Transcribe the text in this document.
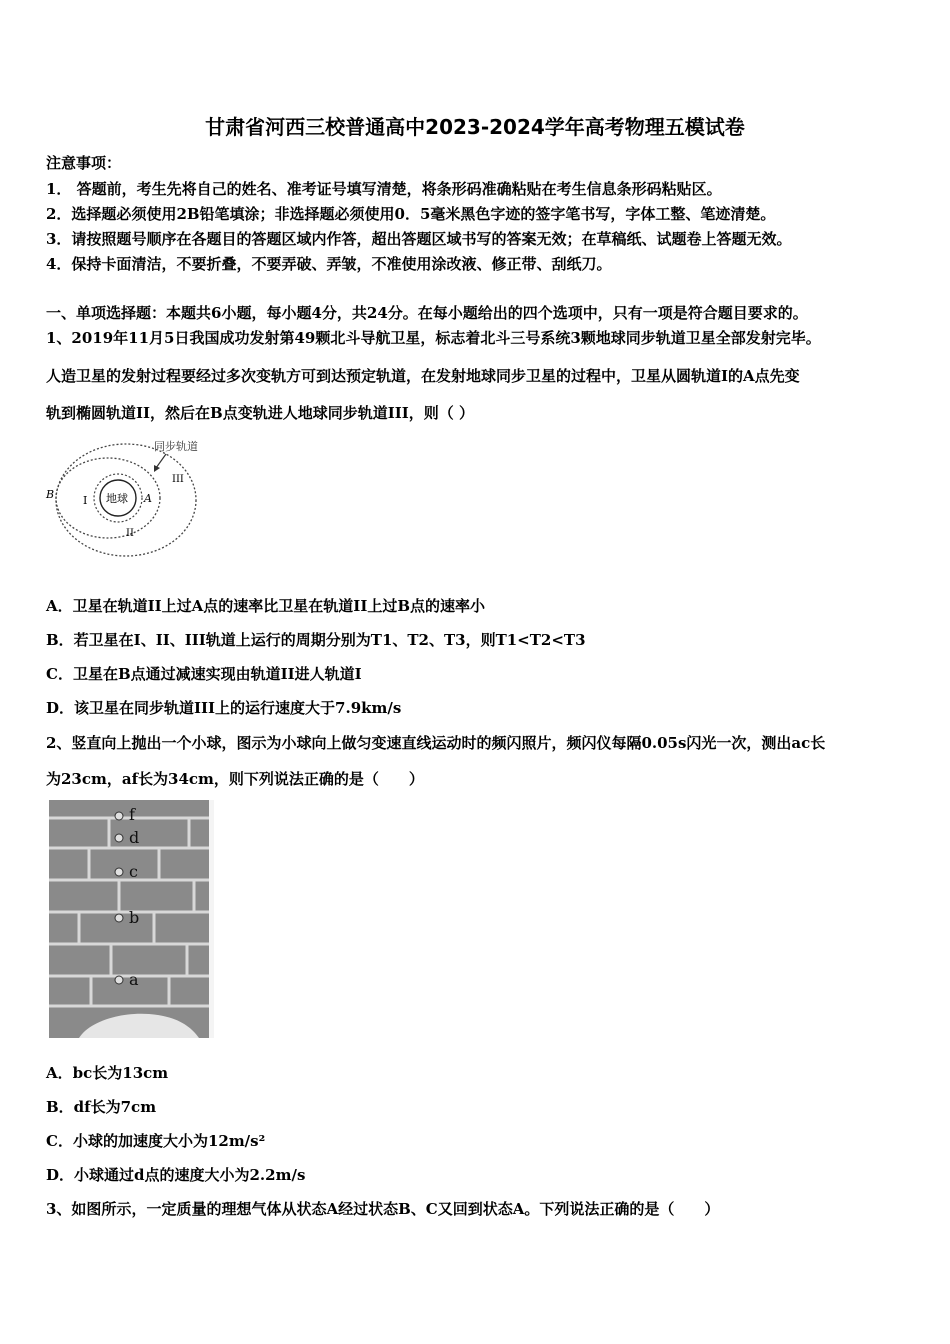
甘肃省河西三校普通高中2023-2024学年高考物理五模试卷
注意事项：
1． 答题前，考生先将自己的姓名、准考证号填写清楚，将条形码准确粘贴在考生信息条形码粘贴区。
2．选择题必须使用2B铅笔填涂；非选择题必须使用0．5毫米黑色字迹的签字笔书写，字体工整、笔迹清楚。
3．请按照题号顺序在各题目的答题区域内作答，超出答题区域书写的答案无效；在草稿纸、试题卷上答题无效。
4．保持卡面清洁，不要折叠，不要弄破、弄皱，不准使用涂改液、修正带、刮纸刀。
一、单项选择题：本题共6小题，每小题4分，共24分。在每小题给出的四个选项中，只有一项是符合题目要求的。
1、2019年11月5日我国成功发射第49颗北斗导航卫星，标志着北斗三号系统3颗地球同步轨道卫星全部发射完毕。
人造卫星的发射过程要经过多次变轨方可到达预定轨道，在发射地球同步卫星的过程中，卫星从圆轨道I的A点先变
轨到椭圆轨道II，然后在B点变轨进人地球同步轨道III，则（ ）
地球 A
B	I
II
III
同步轨道
A．卫星在轨道II上过A点的速率比卫星在轨道II上过B点的速率小
B．若卫星在I、II、III轨道上运行的周期分别为T1、T2、T3，则T1<T2<T3
C．卫星在B点通过减速实现由轨道II进人轨道I
D．该卫星在同步轨道III上的运行速度大于7.9km/s
2、竖直向上抛出一个小球，图示为小球向上做匀变速直线运动时的频闪照片，频闪仪每隔0.05s闪光一次，测出ac长
为23cm，af长为34cm，则下列说法正确的是（　　）
f
d
c
b
a
A．bc长为13cm
B．df长为7cm
C．小球的加速度大小为12m/s²
D．小球通过d点的速度大小为2.2m/s
3、如图所示，一定质量的理想气体从状态A经过状态B、C又回到状态A。下列说法正确的是（　　）
